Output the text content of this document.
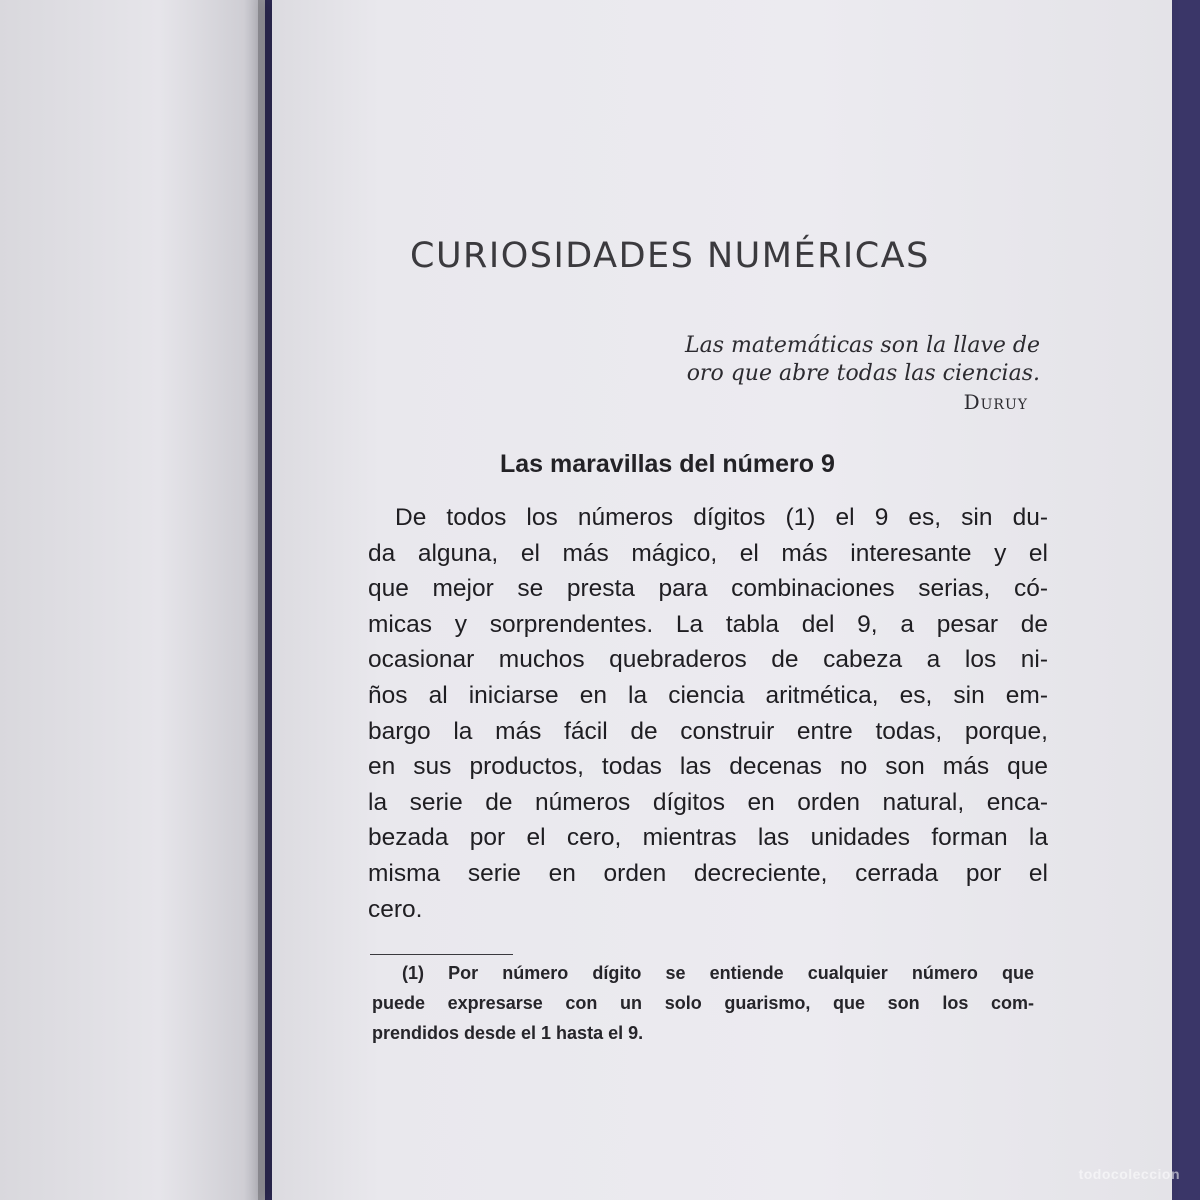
CURIOSIDADES NUMÉRICAS
Las matemáticas son la llave de
oro que abre todas las ciencias.
Duruy
Las maravillas del número 9
De todos los números dígitos (1) el 9 es, sin du-
da alguna, el más mágico, el más interesante y el
que mejor se presta para combinaciones serias, có-
micas y sorprendentes. La tabla del 9, a pesar de
ocasionar muchos quebraderos de cabeza a los ni-
ños al iniciarse en la ciencia aritmética, es, sin em-
bargo la más fácil de construir entre todas, porque,
en sus productos, todas las decenas no son más que
la serie de números dígitos en orden natural, enca-
bezada por el cero, mientras las unidades forman la
misma serie en orden decreciente, cerrada por el
cero.
(1) Por número dígito se entiende cualquier número que
puede expresarse con un solo guarismo, que son los com-
prendidos desde el 1 hasta el 9.
todocoleccion
